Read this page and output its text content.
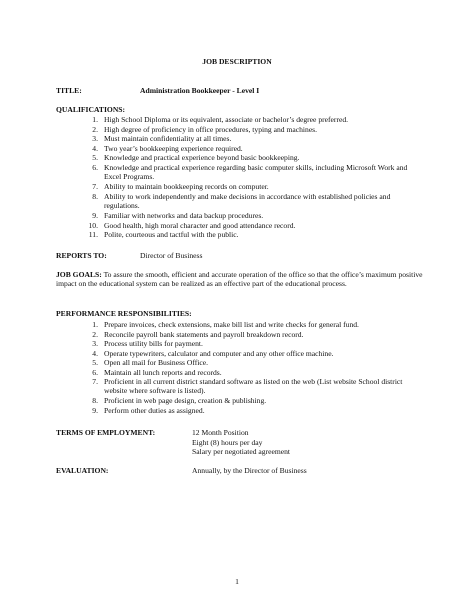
JOB DESCRIPTION
TITLE:	Administration Bookkeeper - Level I
QUALIFICATIONS:
1. High School Diploma or its equivalent, associate or bachelor’s degree preferred.
2. High degree of proficiency in office procedures, typing and machines.
3. Must maintain confidentiality at all times.
4. Two year’s bookkeeping experience required.
5. Knowledge and practical experience beyond basic bookkeeping.
6. Knowledge and practical experience regarding basic computer skills, including Microsoft Work and Excel Programs.
7. Ability to maintain bookkeeping records on computer.
8. Ability to work independently and make decisions in accordance with established policies and regulations.
9. Familiar with networks and data backup procedures.
10. Good health, high moral character and good attendance record.
11. Polite, courteous and tactful with the public.
REPORTS TO:	Director of Business
JOB GOALS: To assure the smooth, efficient and accurate operation of the office so that the office’s maximum positive impact on the educational system can be realized as an effective part of the educational process.
PERFORMANCE RESPONSIBILITIES:
1. Prepare invoices, check extensions, make bill list and write checks for general fund.
2. Reconcile payroll bank statements and payroll breakdown record.
3. Process utility bills for payment.
4. Operate typewriters, calculator and computer and any other office machine.
5. Open all mail for Business Office.
6. Maintain all lunch reports and records.
7. Proficient in all current district standard software as listed on the web (List website School district website where software is listed).
8. Proficient in web page design, creation & publishing.
9. Perform other duties as assigned.
TERMS OF EMPLOYMENT:	12 Month Position
Eight (8) hours per day
Salary per negotiated agreement
EVALUATION:	Annually, by the Director of Business
1
